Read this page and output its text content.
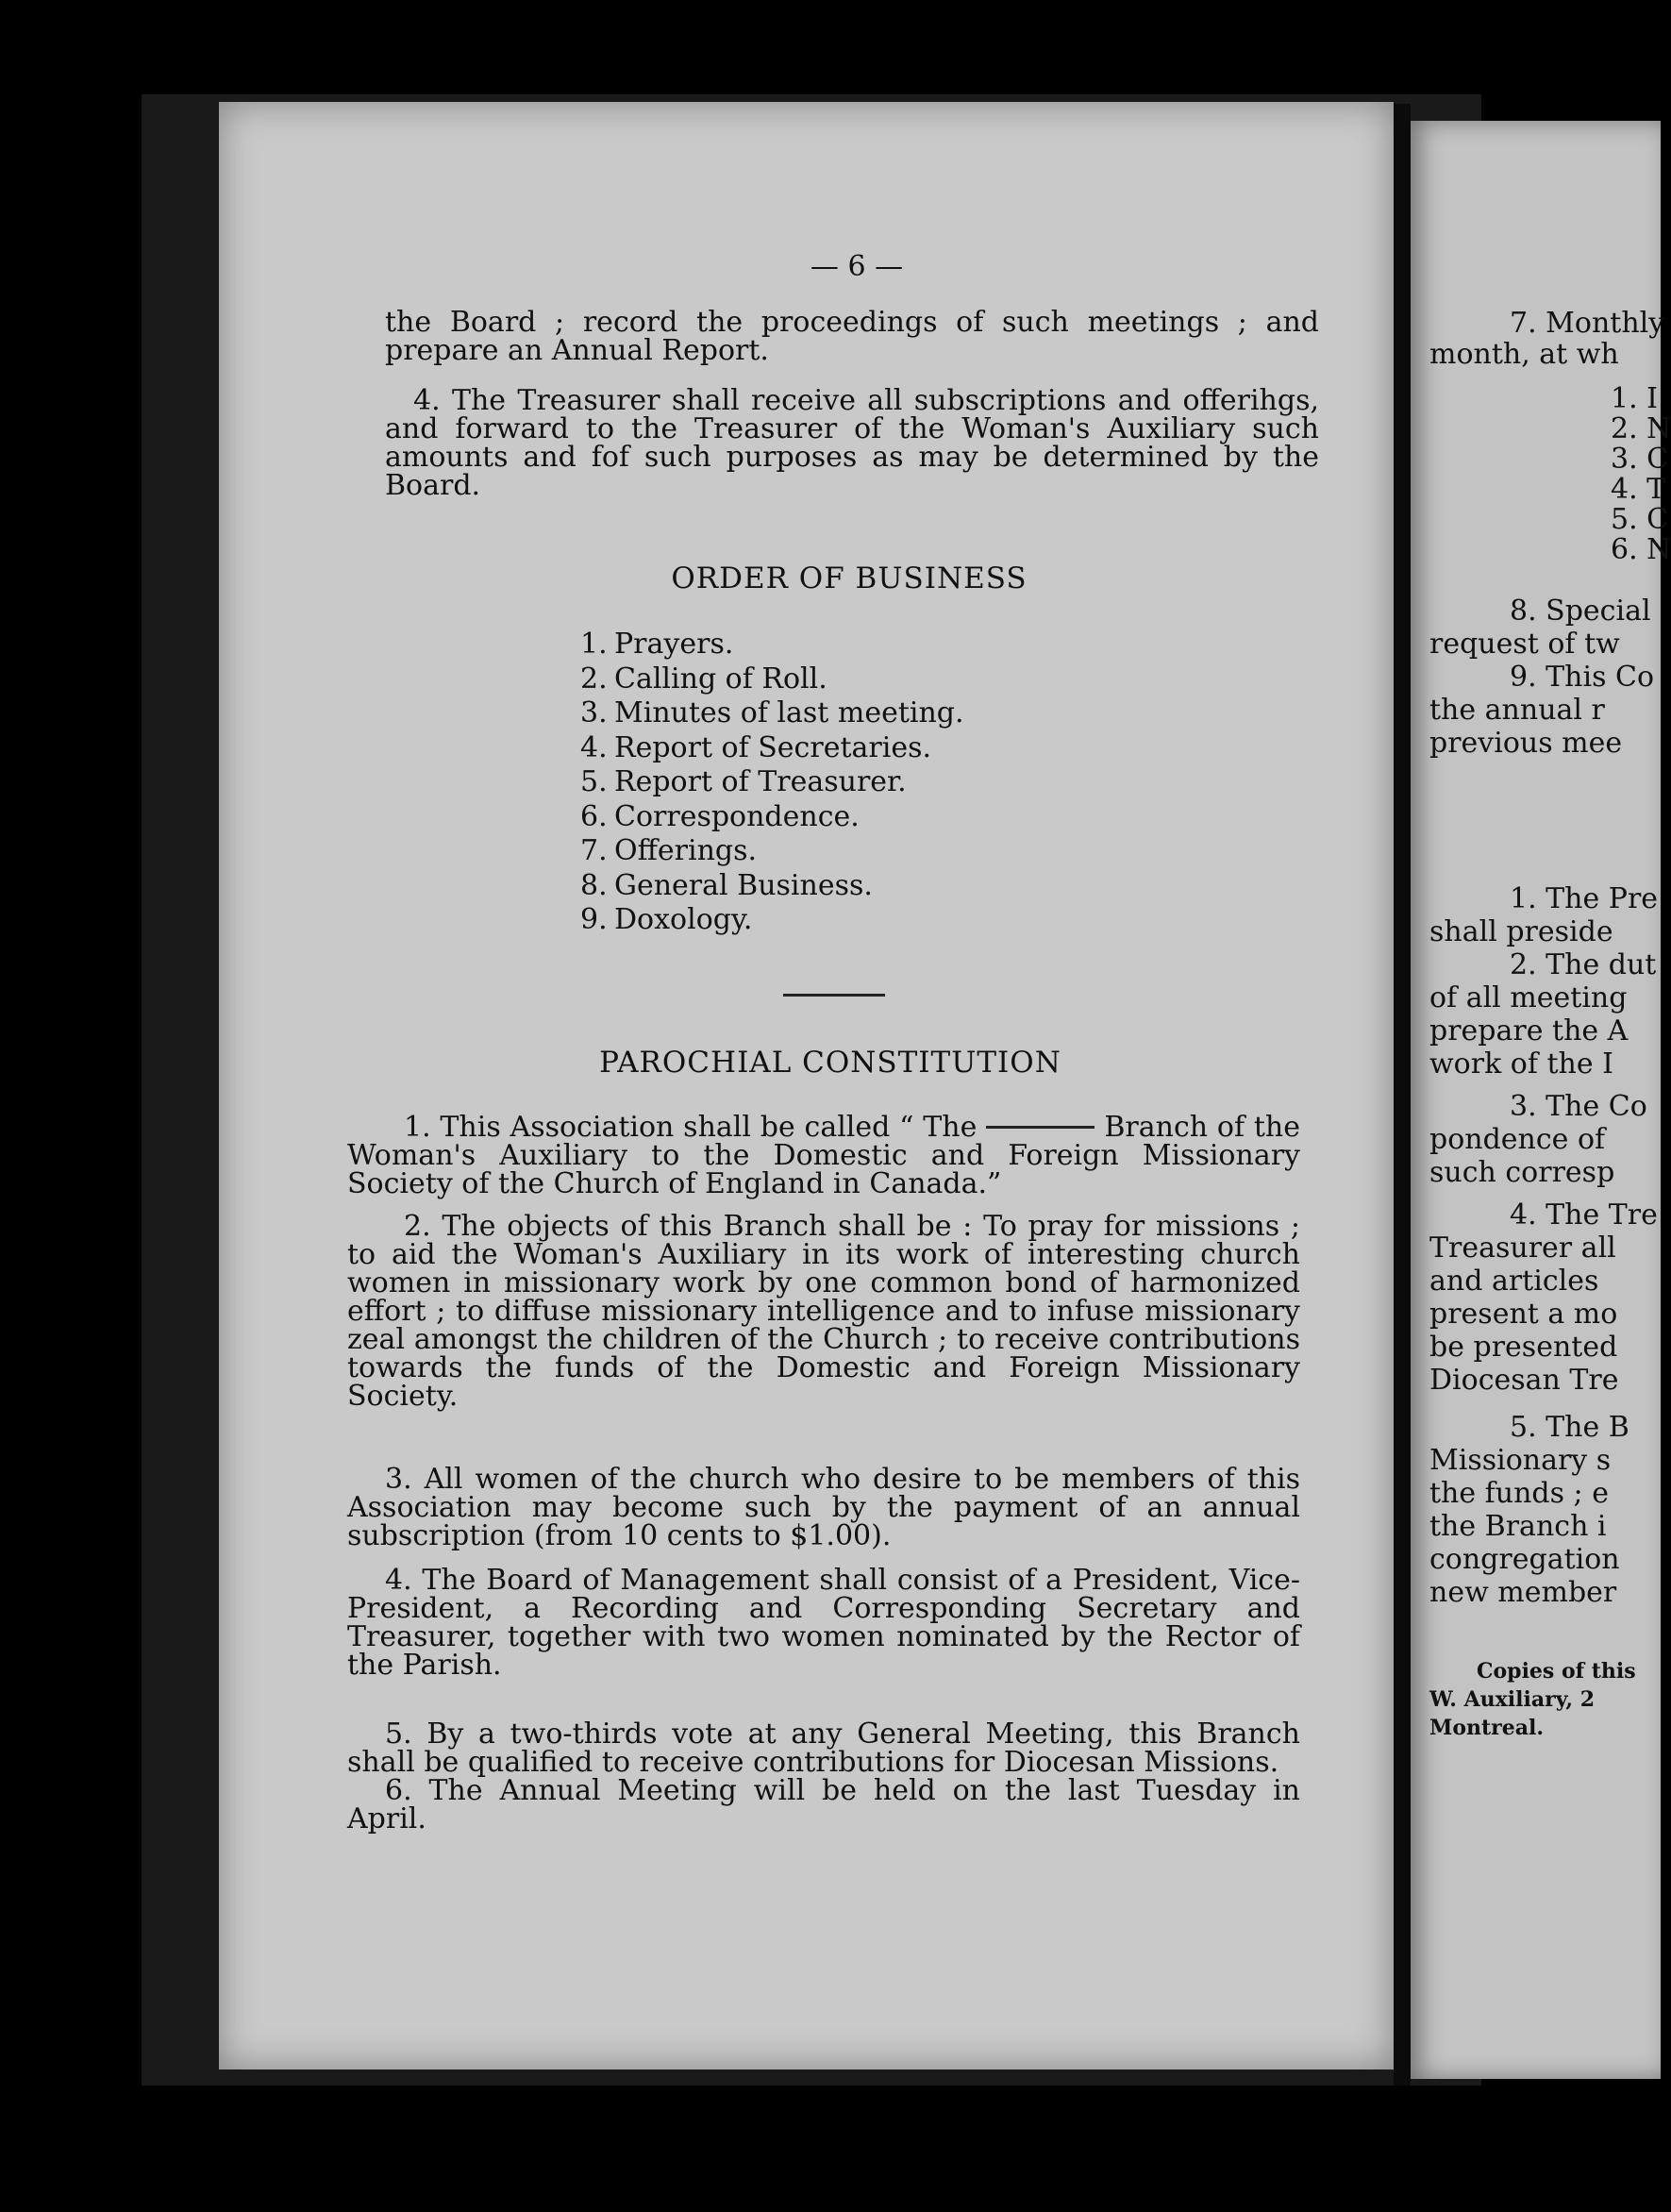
— 6 —

the Board ; record the proceedings of such meetings ; and prepare an Annual Report.

4. The Treasurer shall receive all subscriptions and offerihgs, and forward to the Treasurer of the Woman's Auxiliary such amounts and fof such purposes as may be determined by the Board.

ORDER OF BUSINESS
1. Prayers.
2. Calling of Roll.
3. Minutes of last meeting.
4. Report of Secretaries.
5. Report of Treasurer.
6. Correspondence.
7. Offerings.
8. General Business.
9. Doxology.
PAROCHIAL CONSTITUTION

1. This Association shall be called “ The	Branch of the Woman's Auxiliary to the Domestic and Foreign Missionary Society of the Church of England in Canada.”

2. The objects of this Branch shall be : To pray for missions ; to aid the Woman's Auxiliary in its work of interesting church women in missionary work by one common bond of harmonized effort ; to diffuse missionary intelligence and to infuse missionary zeal amongst the children of the Church ; to receive contributions towards the funds of the Domestic and Foreign Missionary Society.

3. All women of the church who desire to be members of this Association may become such by the payment of an annual subscription (from 10 cents to $1.00).

4. The Board of Management shall consist of a President, Vice-President, a Recording and Corresponding Secretary and Treasurer, together with two women nominated by the Rector of the Parish.

5. By a two-thirds vote at any General Meeting, this Branch shall be qualified to receive contributions for Diocesan Missions.

6. The Annual Meeting will be held on the last Tuesday in April.

7. Monthly
month, at wh
1. I
2. N
3. C
4. T
5. C
6. N
8. Special
request of tw
9. This Co
the annual r
previous mee
1. The Pre
shall preside
2. The dut
of all meeting
prepare the A
work of the I
3. The Co
pondence of
such corresp
4. The Tre
Treasurer all
and articles
present a mo
be presented
Diocesan Tre
5. The B
Missionary s
the funds ; e
the Branch i
congregation
new member
Copies of this
W. Auxiliary, 2
Montreal.
